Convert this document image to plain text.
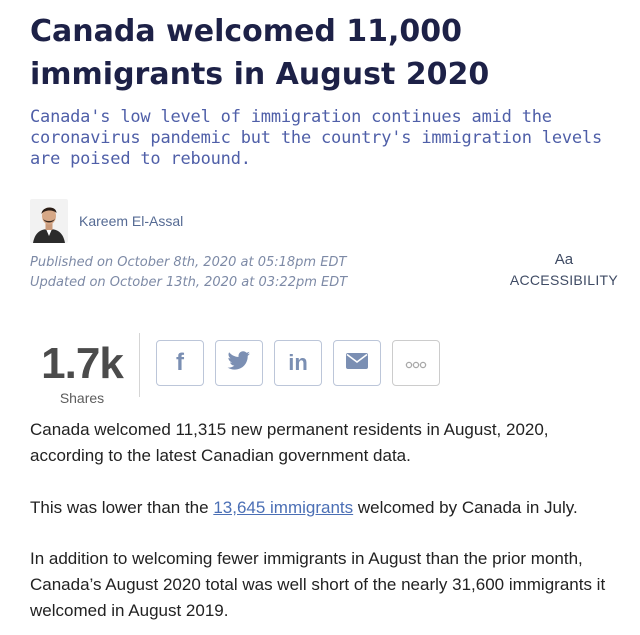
Canada welcomed 11,000 immigrants in August 2020

Canada's low level of immigration continues amid the coronavirus pandemic but the country's immigration levels are poised to rebound.

Kareem El-Assal
Published on October 8th, 2020 at 05:18pm EDT
Updated on October 13th, 2020 at 03:22pm EDT
Aa
ACCESSIBILITY
1.7k
Shares
f	in

Canada welcomed 11,315 new permanent residents in August, 2020, according to the latest Canadian government data.

This was lower than the 13,645 immigrants welcomed by Canada in July.

In addition to welcoming fewer immigrants in August than the prior month, Canada’s August 2020 total was well short of the nearly 31,600 immigrants it welcomed in August 2019.
